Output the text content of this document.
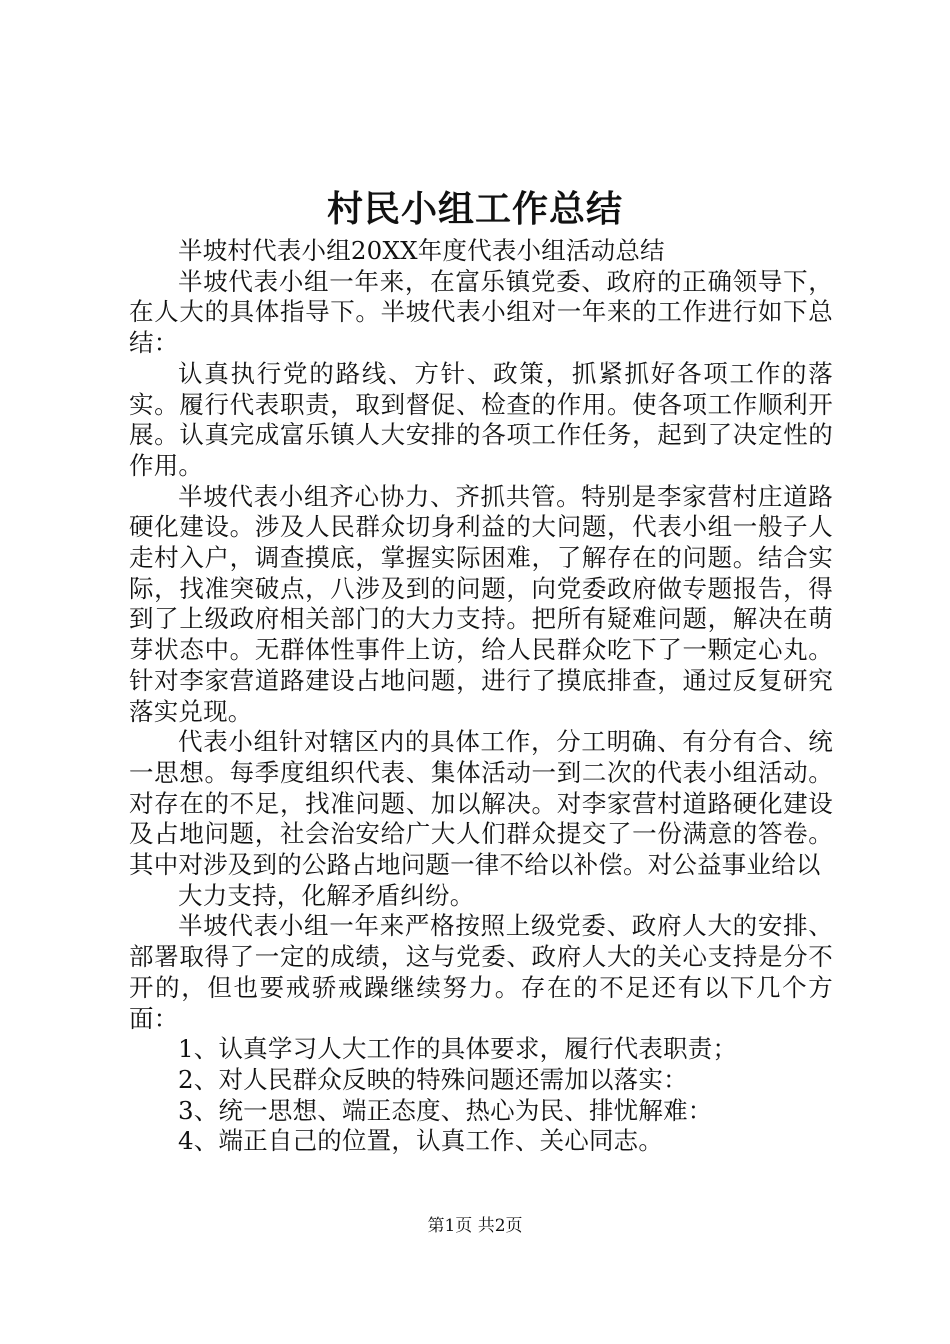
村民小组工作总结

半坡村代表小组20XX年度代表小组活动总结

半坡代表小组一年来，在富乐镇党委、政府的正确领导下，在人大的具体指导下。半坡代表小组对一年来的工作进行如下总结：

认真执行党的路线、方针、政策，抓紧抓好各项工作的落实。履行代表职责，取到督促、检查的作用。使各项工作顺利开展。认真完成富乐镇人大安排的各项工作任务，起到了决定性的作用。

半坡代表小组齐心协力、齐抓共管。特别是李家营村庄道路硬化建设。涉及人民群众切身利益的大问题，代表小组一般子人走村入户，调查摸底，掌握实际困难，了解存在的问题。结合实际，找准突破点，八涉及到的问题，向党委政府做专题报告，得到了上级政府相关部门的大力支持。把所有疑难问题，解决在萌芽状态中。无群体性事件上访，给人民群众吃下了一颗定心丸。针对李家营道路建设占地问题，进行了摸底排查，通过反复研究落实兑现。

代表小组针对辖区内的具体工作，分工明确、有分有合、统一思想。每季度组织代表、集体活动一到二次的代表小组活动。对存在的不足，找准问题、加以解决。对李家营村道路硬化建设及占地问题，社会治安给广大人们群众提交了一份满意的答卷。其中对涉及到的公路占地问题一律不给以补偿。对公益事业给以

大力支持，化解矛盾纠纷。

半坡代表小组一年来严格按照上级党委、政府人大的安排、部署取得了一定的成绩，这与党委、政府人大的关心支持是分不开的，但也要戒骄戒躁继续努力。存在的不足还有以下几个方面：

1、认真学习人大工作的具体要求，履行代表职责；

2、对人民群众反映的特殊问题还需加以落实：

3、统一思想、端正态度、热心为民、排忧解难：

4、端正自己的位置，认真工作、关心同志。

第1页 共2页
